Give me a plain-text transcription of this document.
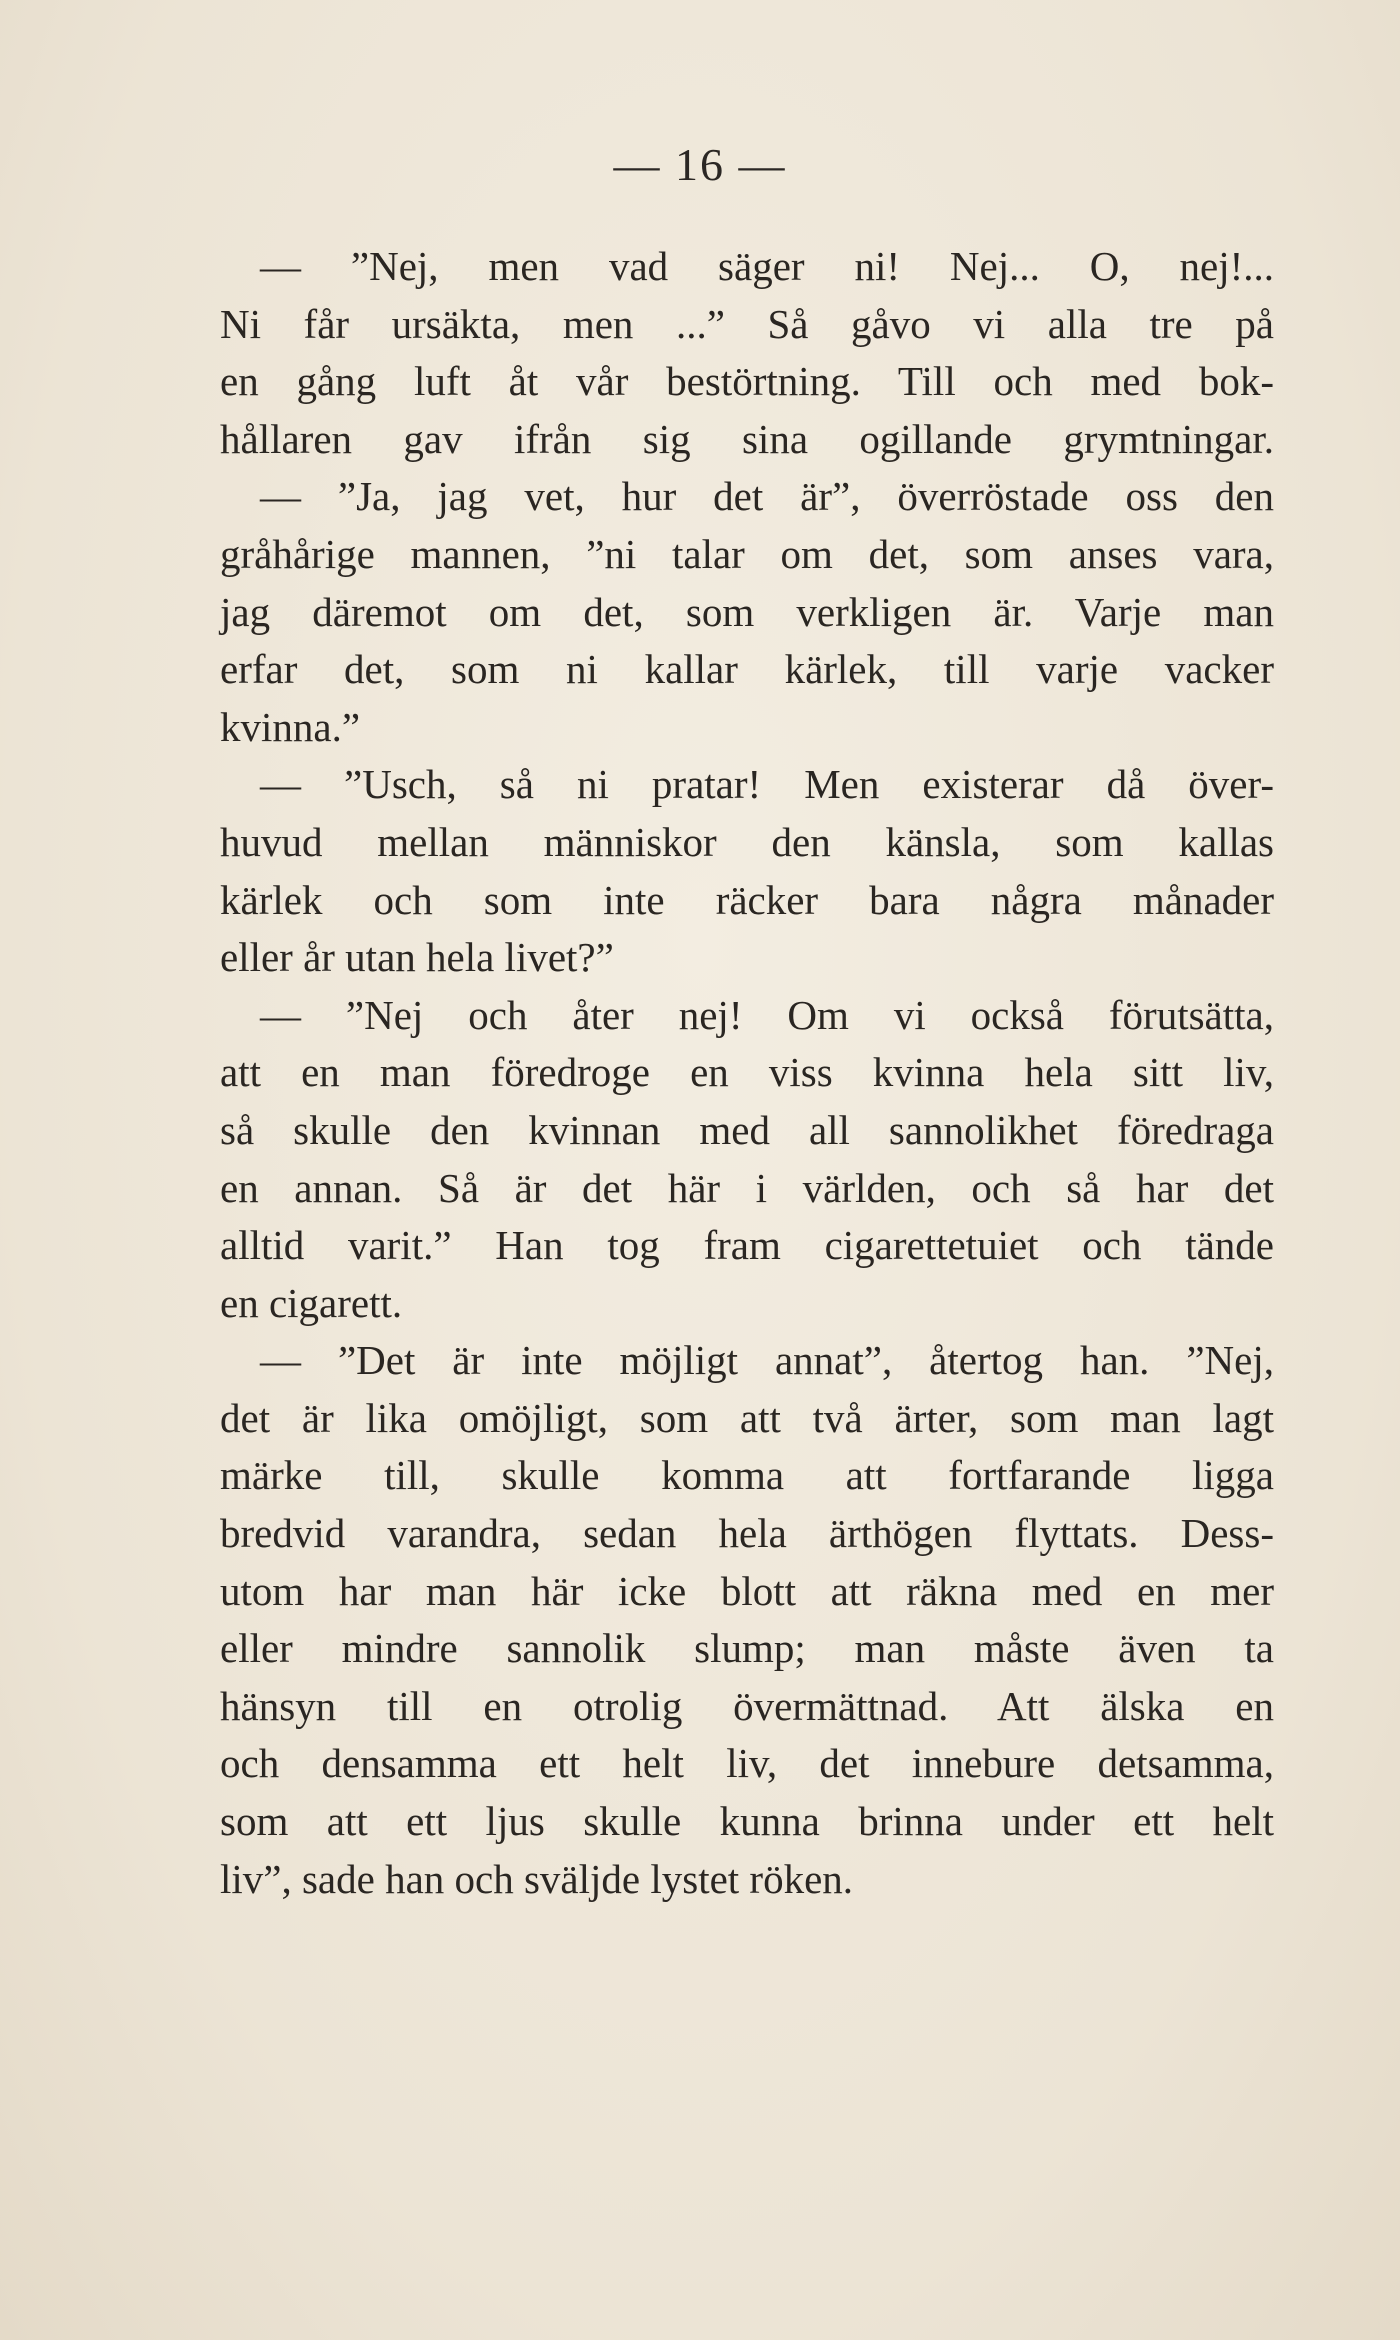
— 16 —
— ”Nej, men vad säger ni! Nej... O, nej!...
Ni får ursäkta, men ...” Så gåvo vi alla tre på
en gång luft åt vår bestörtning. Till och med bok-
hållaren gav ifrån sig sina ogillande grymtningar.
— ”Ja, jag vet, hur det är”, överröstade oss den
gråhårige mannen, ”ni talar om det, som anses vara,
jag däremot om det, som verkligen är. Varje man
erfar det, som ni kallar kärlek, till varje vacker
kvinna.”
— ”Usch, så ni pratar! Men existerar då över-
huvud mellan människor den känsla, som kallas
kärlek och som inte räcker bara några månader
eller år utan hela livet?”
— ”Nej och åter nej! Om vi också förutsätta,
att en man föredroge en viss kvinna hela sitt liv,
så skulle den kvinnan med all sannolikhet föredraga
en annan. Så är det här i världen, och så har det
alltid varit.” Han tog fram cigarettetuiet och tände
en cigarett.
— ”Det är inte möjligt annat”, återtog han. ”Nej,
det är lika omöjligt, som att två ärter, som man lagt
märke till, skulle komma att fortfarande ligga
bredvid varandra, sedan hela ärthögen flyttats. Dess-
utom har man här icke blott att räkna med en mer
eller mindre sannolik slump; man måste även ta
hänsyn till en otrolig övermättnad. Att älska en
och densamma ett helt liv, det innebure detsamma,
som att ett ljus skulle kunna brinna under ett helt
liv”, sade han och sväljde lystet röken.
